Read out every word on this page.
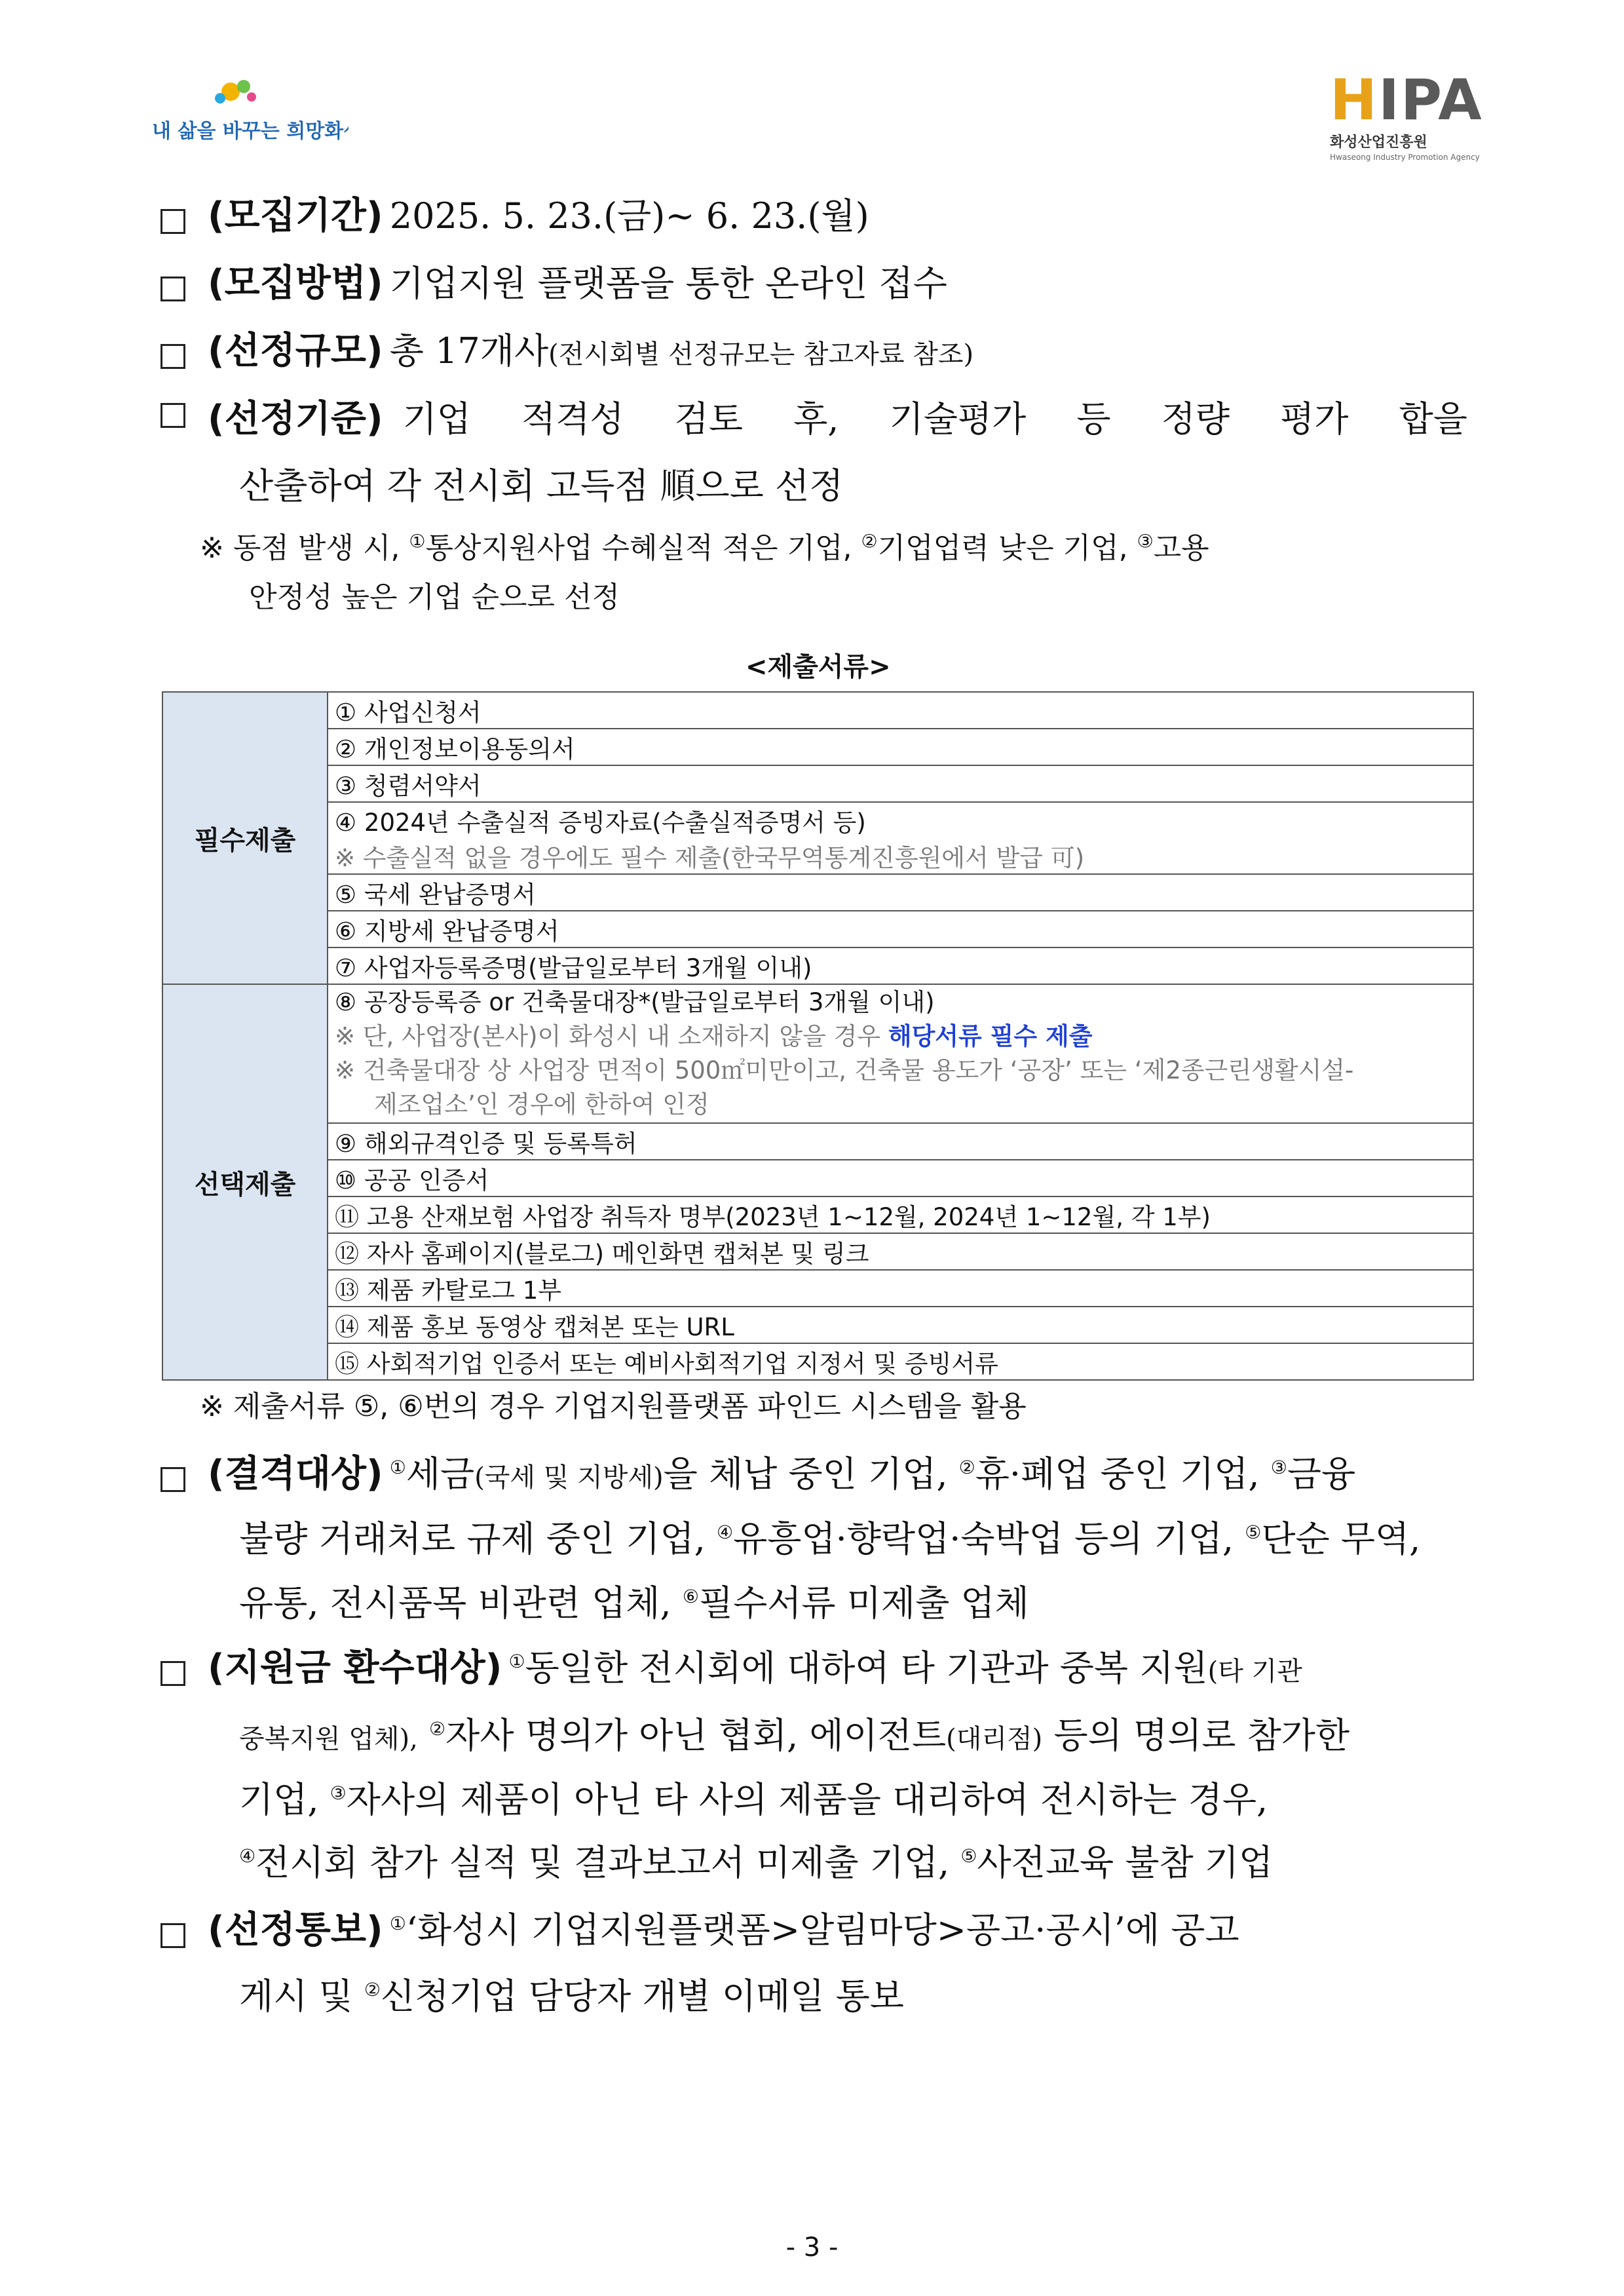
내 삶을 바꾸는 희망화성	HIPA
화성산업진흥원
Hwaseong Industry Promotion Agency
(모집기간) 2025. 5. 23.(금)~ 6. 23.(월)
(모집방법) 기업지원 플랫폼을 통한 온라인 접수
(선정규모) 총 17개사(전시회별 선정규모는 참고자료 참조)
(선정기준) 기업 적격성 검토 후, 기술평가 등 정량 평가 합을
산출하여 각 전시회 고득점 順으로 선정
※ 동점 발생 시, ①통상지원사업 수혜실적 적은 기업, ②기업업력 낮은 기업, ③고용
안정성 높은 기업 순으로 선정
<제출서류>
필수제출	① 사업신청서
	② 개인정보이용동의서
	③ 청렴서약서

	④ 2024년 수출실적 증빙자료(수출실적증명서 등)
※ 수출실적 없을 경우에도 필수 제출(한국무역통계진흥원에서 발급 可)

	⑤ 국세 완납증명서
	⑥ 지방세 완납증명서
	⑦ 사업자등록증명(발급일로부터 3개월 이내)
선택제출	⑧ 공장등록증 or 건축물대장*(발급일로부터 3개월 이내)
※ 단, 사업장(본사)이 화성시 내 소재하지 않을 경우 해당서류 필수 제출
※ 건축물대장 상 사업장 면적이 500㎡미만이고, 건축물 용도가 ‘공장’ 또는 ‘제2종근린생활시설-
제조업소’인 경우에 한하여 인정

	⑨ 해외규격인증 및 등록특허
	⑩ 공공 인증서
	⑪ 고용 산재보험 사업장 취득자 명부(2023년 1~12월, 2024년 1~12월, 각 1부)
	⑫ 자사 홈페이지(블로그) 메인화면 캡쳐본 및 링크
	⑬ 제품 카탈로그 1부
	⑭ 제품 홍보 동영상 캡쳐본 또는 URL
	⑮ 사회적기업 인증서 또는 예비사회적기업 지정서 및 증빙서류
※ 제출서류 ⑤, ⑥번의 경우 기업지원플랫폼 파인드 시스템을 활용
(결격대상) ①세금(국세 및 지방세)을 체납 중인 기업, ②휴·폐업 중인 기업, ③금융
불량 거래처로 규제 중인 기업, ④유흥업·향락업·숙박업 등의 기업, ⑤단순 무역,
유통, 전시품목 비관련 업체, ⑥필수서류 미제출 업체
(지원금 환수대상) ①동일한 전시회에 대하여 타 기관과 중복 지원(타 기관
중복지원 업체), ②자사 명의가 아닌 협회, 에이전트(대리점) 등의 명의로 참가한
기업, ③자사의 제품이 아닌 타 사의 제품을 대리하여 전시하는 경우,
④전시회 참가 실적 및 결과보고서 미제출 기업, ⑤사전교육 불참 기업
(선정통보) ①‘화성시 기업지원플랫폼>알림마당>공고·공시’에 공고
게시 및 ②신청기업 담당자 개별 이메일 통보
- 3 -
